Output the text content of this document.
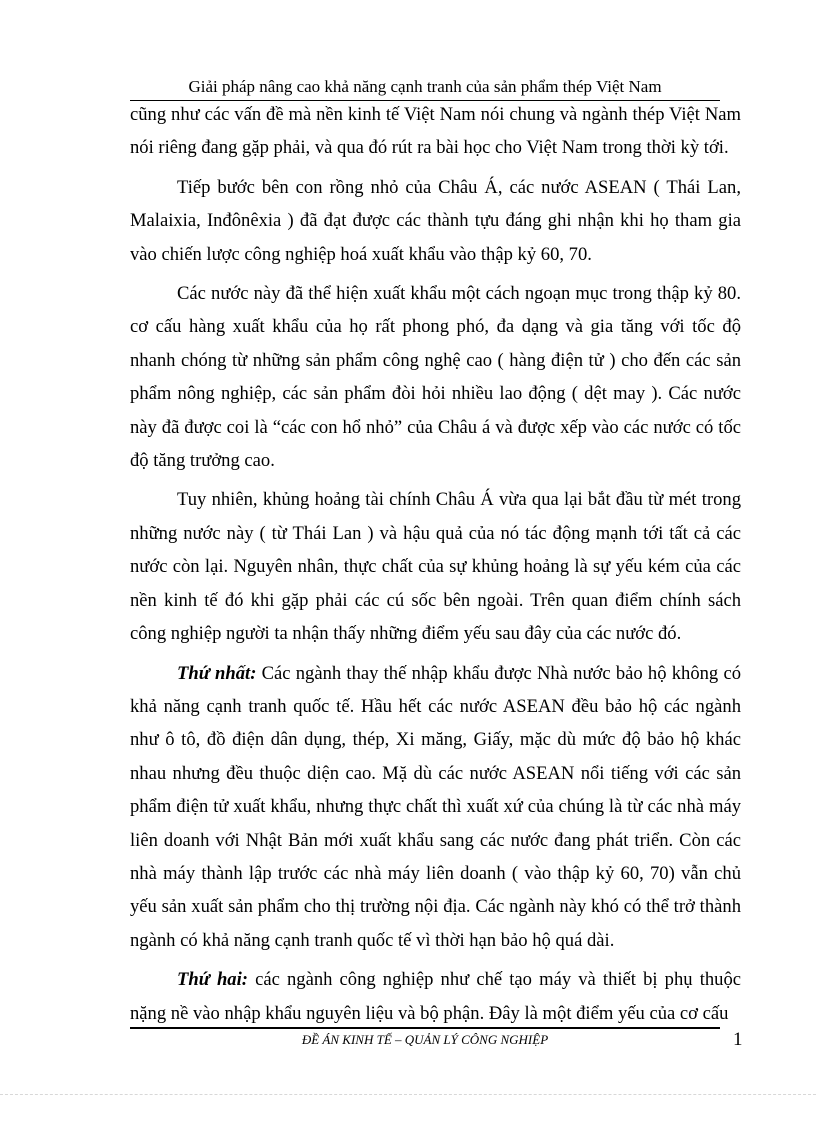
Giải pháp nâng cao khả năng cạnh tranh của sản phẩm thép Việt Nam

cũng như các vấn đề mà nền kinh tế Việt Nam nói chung và ngành thép Việt Nam nói riêng đang gặp phải, và qua đó rút ra bài học cho Việt Nam trong thời kỳ tới.

Tiếp bước bên con rồng nhỏ của Châu Á, các nước ASEAN ( Thái Lan, Malaixia, Inđônêxia ) đã đạt được các thành tựu đáng ghi nhận khi họ tham gia vào chiến lược công nghiệp hoá xuất khẩu vào thập kỷ 60, 70.

Các nước này đã thể hiện xuất khẩu một cách ngoạn mục trong thập kỷ 80. cơ cấu hàng xuất khẩu của họ rất phong phó, đa dạng và gia tăng với tốc độ nhanh chóng từ những sản phẩm công nghệ cao ( hàng điện tử ) cho đến các sản phẩm nông nghiệp, các sản phẩm đòi hỏi nhiều lao động ( dệt may ). Các nước này đã được coi là “các con hổ nhỏ” của Châu á và được xếp vào các nước có tốc độ tăng trưởng cao.

Tuy nhiên, khủng hoảng tài chính Châu Á vừa qua lại bắt đầu từ mét trong những nước này ( từ Thái Lan ) và hậu quả của nó tác động mạnh tới tất cả các nước còn lại. Nguyên nhân, thực chất của sự khủng hoảng là sự yếu kém của các nền kinh tế đó khi gặp phải các cú sốc bên ngoài. Trên quan điểm chính sách công nghiệp người ta nhận thấy những điểm yếu sau đây của các nước đó.

Thứ nhất: Các ngành thay thế nhập khẩu được Nhà nước bảo hộ không có khả năng cạnh tranh quốc tế. Hầu hết các nước ASEAN đều bảo hộ các ngành như ô tô, đồ điện dân dụng, thép, Xi măng, Giấy, mặc dù mức độ bảo hộ khác nhau nhưng đều thuộc diện cao. Mặ dù các nước ASEAN nổi tiếng với các sản phẩm điện tử xuất khẩu, nhưng thực chất thì xuất xứ của chúng là từ các nhà máy liên doanh với Nhật Bản mới xuất khẩu sang các nước đang phát triển. Còn các nhà máy thành lập trước các nhà máy liên doanh ( vào thập kỷ 60, 70) vẫn chủ yếu sản xuất sản phẩm cho thị trường nội địa. Các ngành này khó có thể trở thành ngành có khả năng cạnh tranh quốc tế vì thời hạn bảo hộ quá dài.

Thứ hai: các ngành công nghiệp như chế tạo máy và thiết bị phụ thuộc nặng nề vào nhập khẩu nguyên liệu và bộ phận. Đây là một điểm yếu của cơ cấu

ĐỀ ÁN KINH TẾ – QUẢN LÝ CÔNG NGHIỆP	1
